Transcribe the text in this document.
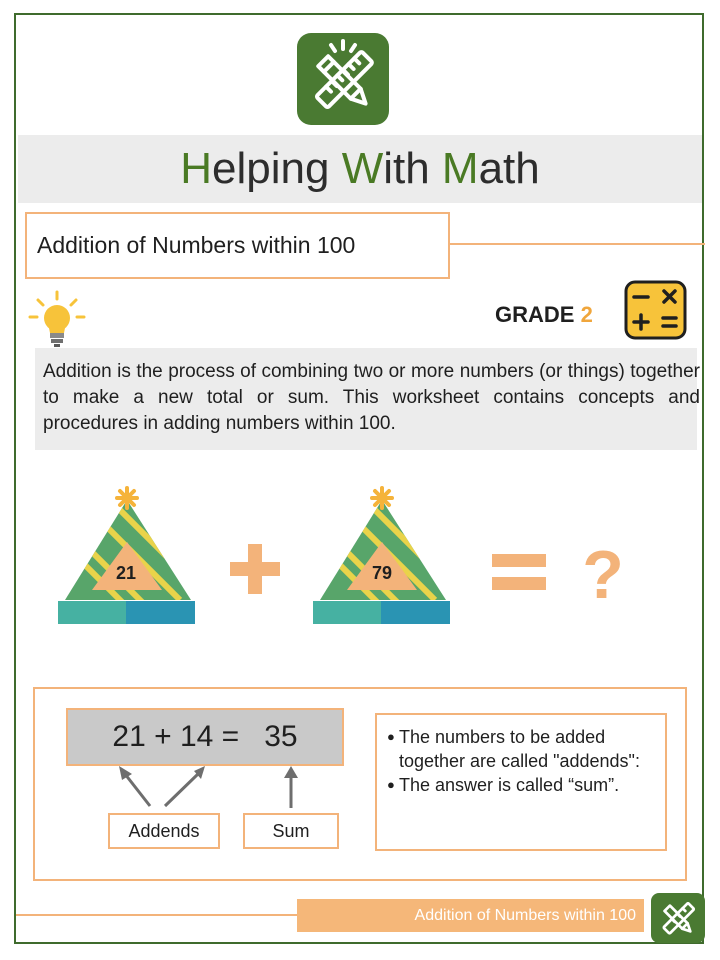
Helping With Math
Addition of Numbers within 100
GRADE 2
Addition is the process of combining two or more numbers (or things) together to make a new total or sum. This worksheet contains concepts and procedures in adding numbers within 100.
21	79	?
21 + 14 =   35
Addends	Sum
● The numbers to be added together are called "addends":
● The answer is called “sum”.
Addition of Numbers within 100
